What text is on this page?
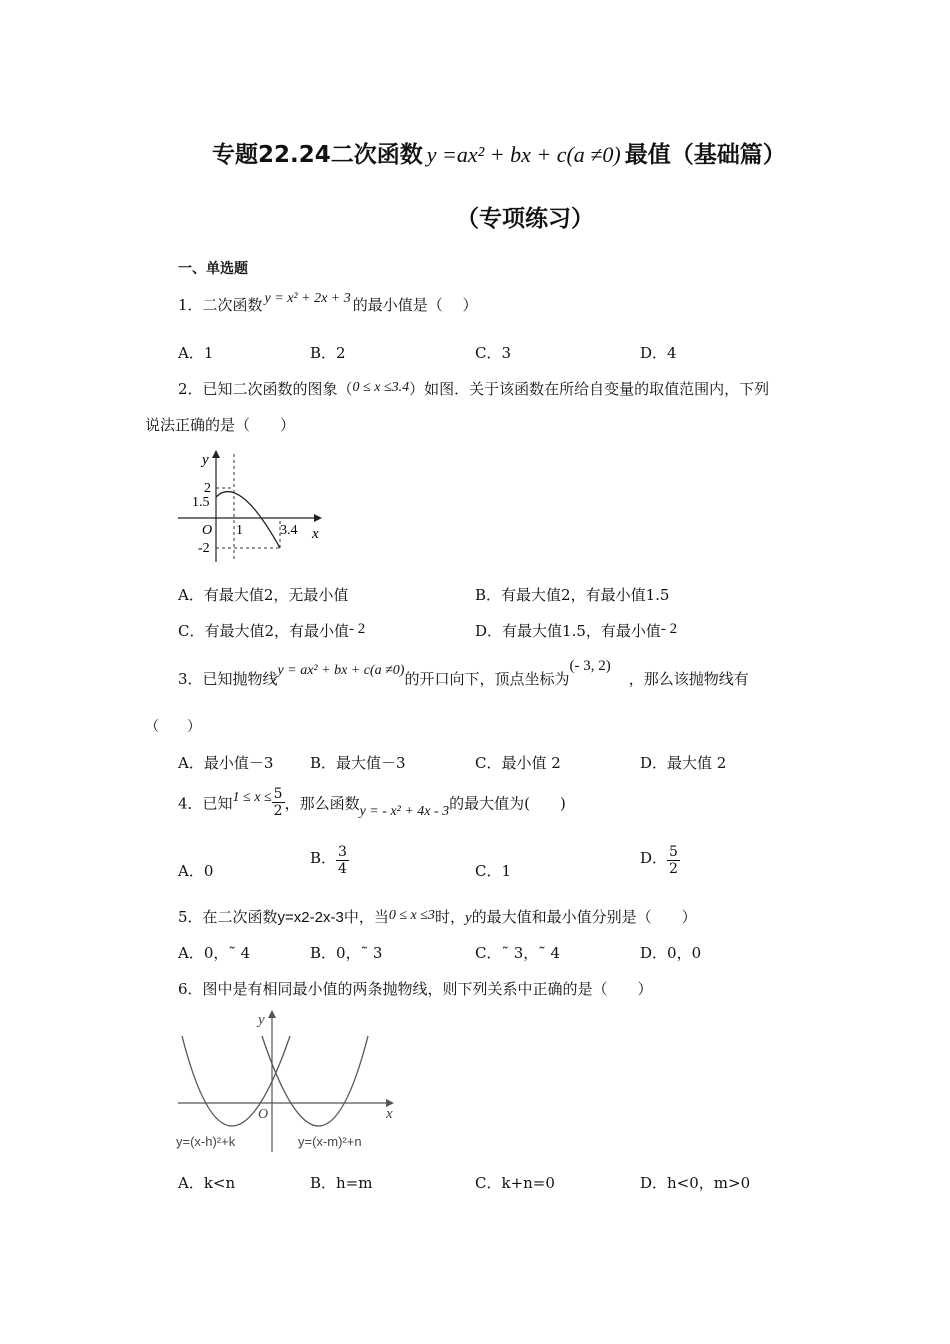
专题22.24二次函数 y =ax² + bx + c(a ≠0) 最值（基础篇）
（专项练习）
一、单选题
1．二次函数 y = x² + 2x + 3 的最小值是（　 ）
A．1	B．2	C．3	D．4
2．已知二次函数的图象（0 ≤ x ≤3.4）如图．关于该函数在所给自变量的取值范围内，下列
说法正确的是（　　）
y
2
1.5
O 1	3.4 x
-2
A．有最大值2，无最小值	B．有最大值2，有最小值1.5
C．有最大值2，有最小值- 2	D．有最大值1.5，有最小值- 2
3．已知抛物线y = ax² + bx + c(a ≠0)的开口向下，顶点坐标为(- 3, 2)，那么该抛物线有
（　　）
A．最小值－3 B．最大值－3	C．最小值 2	D．最大值 2
4．已知$1 \le x \le \frac{5}{2}$ ，那么函数y = - x² + 4x - 3的最大值为(　　)
A．0
B． $\frac{3}{4}$	C．1
D． $\frac{5}{2}$
5．在二次函数y=x2-2x-3中，当0 ≤ x ≤3时，y的最大值和最小值分别是（　　）
A．0，˜ 4	B．0，˜ 3	C．˜ 3，˜ 4	D．0，0
6．图中是有相同最小值的两条抛物线，则下列关系中正确的是（　　）
y
O	x
y=(x-h)²+k	y=(x-m)²+n
A．k<n	B．h=m	C．k+n=0	D．h<0，m>0
